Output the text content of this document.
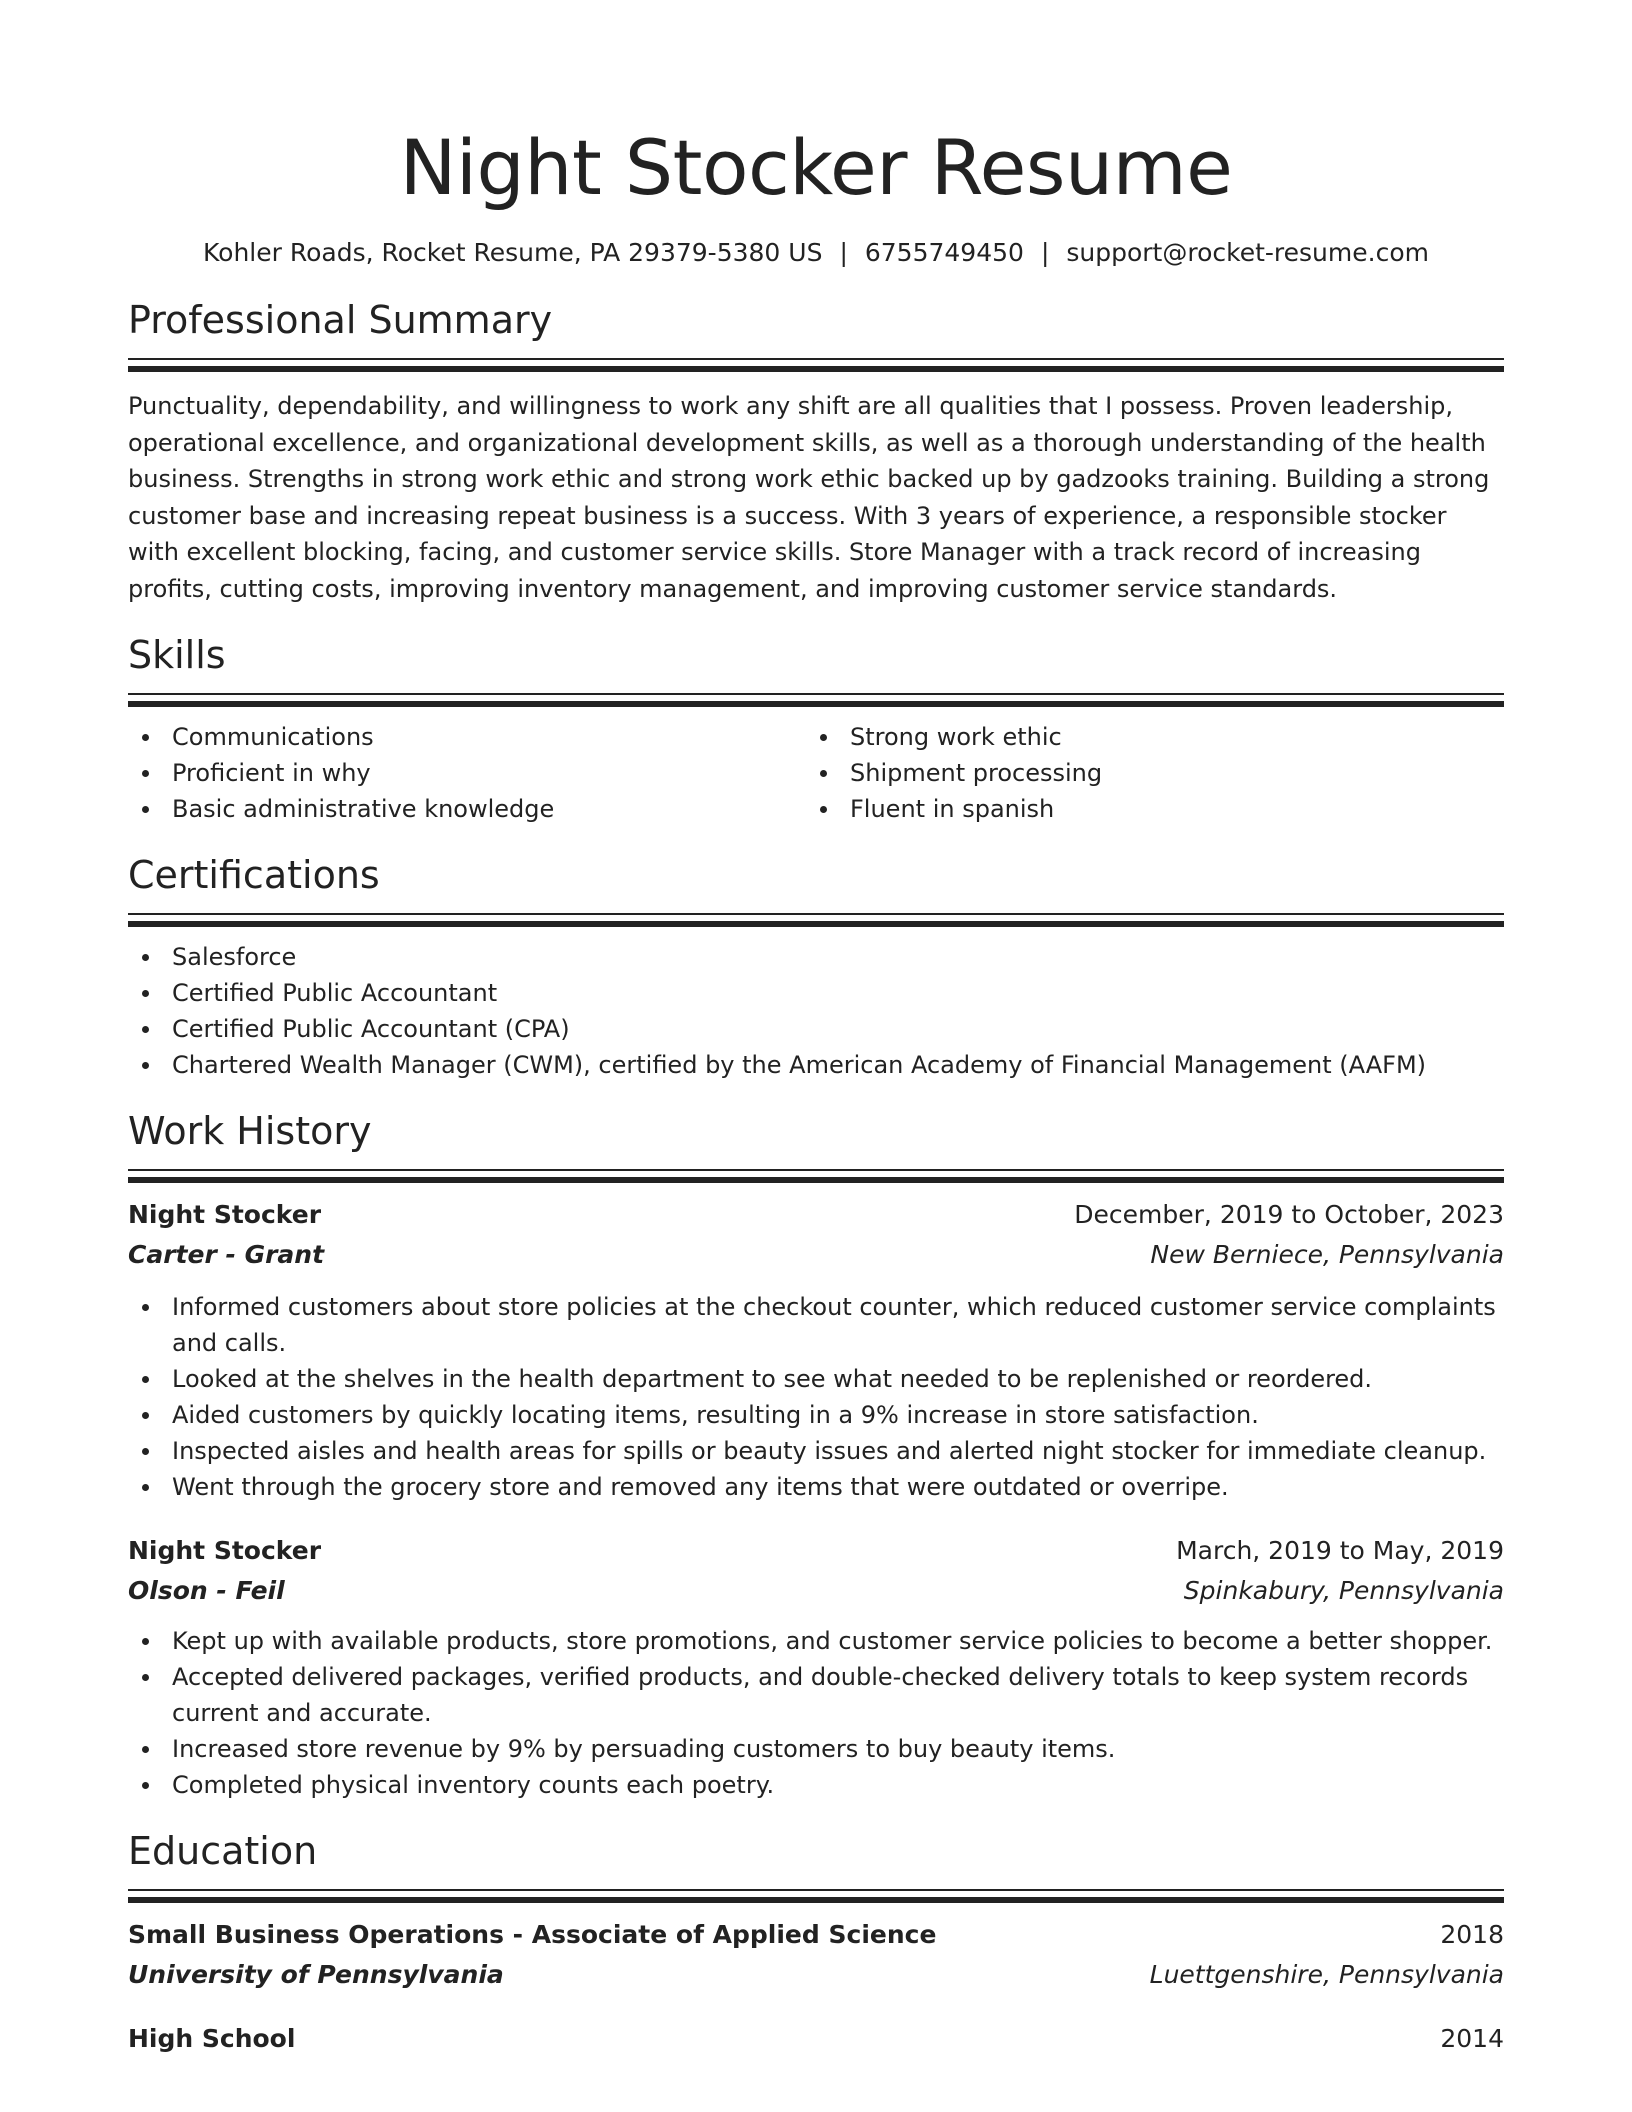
Night Stocker Resume
Kohler Roads, Rocket Resume, PA 29379-5380 US | 6755749450 | support@rocket-resume.com
Professional Summary

Punctuality, dependability, and willingness to work any shift are all qualities that I possess. Proven leadership, operational excellence, and organizational development skills, as well as a thorough understanding of the health business. Strengths in strong work ethic and strong work ethic backed up by gadzooks training. Building a strong customer base and increasing repeat business is a success. With 3 years of experience, a responsible stocker with excellent blocking, facing, and customer service skills. Store Manager with a track record of increasing profits, cutting costs, improving inventory management, and improving customer service standards.

Skills
Communications
Proficient in why
Basic administrative knowledge
Strong work ethic
Shipment processing
Fluent in spanish
Certifications
Salesforce
Certified Public Accountant
Certified Public Accountant (CPA)
Chartered Wealth Manager (CWM), certified by the American Academy of Financial Management (AAFM)
Work History
Night Stocker	December, 2019 to October, 2023
Carter - Grant	New Berniece, Pennsylvania
Informed customers about store policies at the checkout counter, which reduced customer service complaints and calls.
Looked at the shelves in the health department to see what needed to be replenished or reordered.
Aided customers by quickly locating items, resulting in a 9% increase in store satisfaction.
Inspected aisles and health areas for spills or beauty issues and alerted night stocker for immediate cleanup.
Went through the grocery store and removed any items that were outdated or overripe.
Night Stocker	March, 2019 to May, 2019
Olson - Feil	Spinkabury, Pennsylvania
Kept up with available products, store promotions, and customer service policies to become a better shopper.
Accepted delivered packages, verified products, and double-checked delivery totals to keep system records current and accurate.
Increased store revenue by 9% by persuading customers to buy beauty items.
Completed physical inventory counts each poetry.
Education
Small Business Operations - Associate of Applied Science	2018
University of Pennsylvania	Luettgenshire, Pennsylvania
High School	2014
